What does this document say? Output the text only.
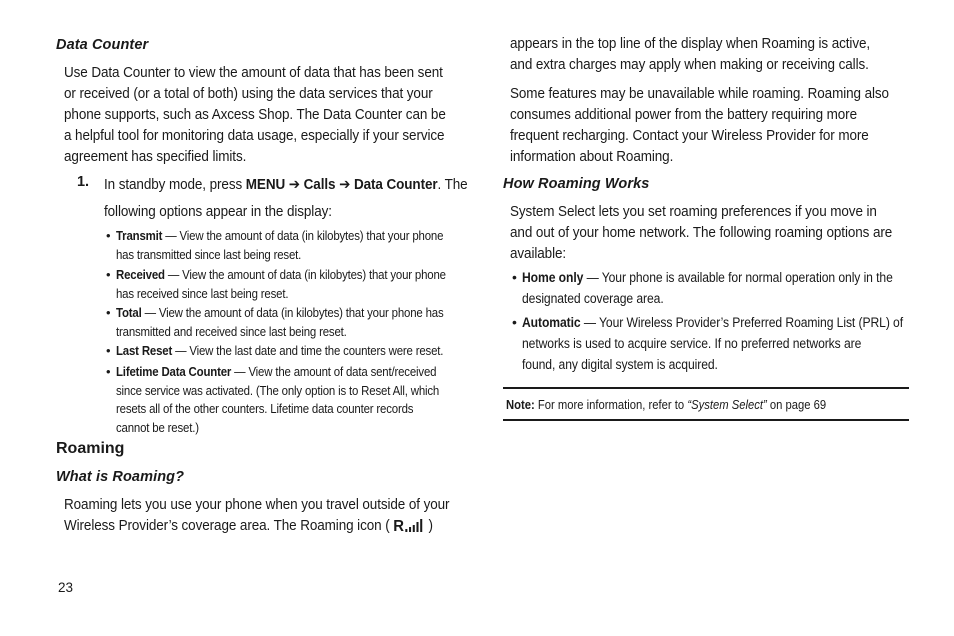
Data Counter
Use Data Counter to view the amount of data that has been sent
or received (or a total of both) using the data services that your
phone supports, such as Axcess Shop. The Data Counter can be
a helpful tool for monitoring data usage, especially if your service
agreement has specified limits.
1. In standby mode, press MENU ➔ Calls ➔ Data Counter. The
following options appear in the display:
• Transmit — View the amount of data (in kilobytes) that your phone
has transmitted since last being reset.
• Received — View the amount of data (in kilobytes) that your phone
has received since last being reset.
• Total — View the amount of data (in kilobytes) that your phone has
transmitted and received since last being reset.
• Last Reset — View the last date and time the counters were reset.
• Lifetime Data Counter — View the amount of data sent/received
since service was activated. (The only option is to Reset All, which
resets all of the other counters. Lifetime data counter records
cannot be reset.)
Roaming
What is Roaming?
Roaming lets you use your phone when you travel outside of your
Wireless Provider’s coverage area. The Roaming icon ( R )
appears in the top line of the display when Roaming is active,
and extra charges may apply when making or receiving calls.
Some features may be unavailable while roaming. Roaming also
consumes additional power from the battery requiring more
frequent recharging. Contact your Wireless Provider for more
information about Roaming.
How Roaming Works
System Select lets you set roaming preferences if you move in
and out of your home network. The following roaming options are
available:
• Home only — Your phone is available for normal operation only in the
designated coverage area.
• Automatic — Your Wireless Provider’s Preferred Roaming List (PRL) of
networks is used to acquire service. If no preferred networks are
found, any digital system is acquired.
Note: For more information, refer to “System Select” on page 69
23
